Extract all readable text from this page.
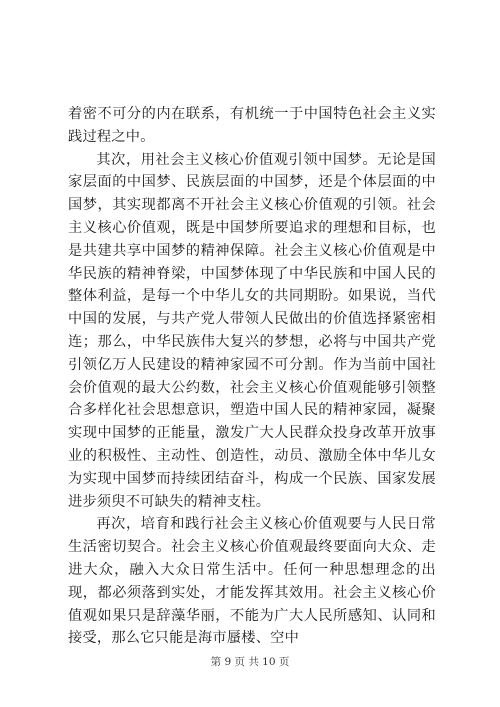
着密不可分的内在联系，有机统一于中国特色社会主义实践过程之中。

其次，用社会主义核心价值观引领中国梦。无论是国家层面的中国梦、民族层面的中国梦，还是个体层面的中国梦，其实现都离不开社会主义核心价值观的引领。社会主义核心价值观，既是中国梦所要追求的理想和目标，也是共建共享中国梦的精神保障。社会主义核心价值观是中华民族的精神脊梁，中国梦体现了中华民族和中国人民的整体利益，是每一个中华儿女的共同期盼。如果说，当代中国的发展，与共产党人带领人民做出的价值选择紧密相连；那么，中华民族伟大复兴的梦想，必将与中国共产党引领亿万人民建设的精神家园不可分割。作为当前中国社会价值观的最大公约数，社会主义核心价值观能够引领整合多样化社会思想意识，塑造中国人民的精神家园，凝聚实现中国梦的正能量，激发广大人民群众投身改革开放事业的积极性、主动性、创造性，动员、激励全体中华儿女为实现中国梦而持续团结奋斗，构成一个民族、国家发展进步须臾不可缺失的精神支柱。

再次，培育和践行社会主义核心价值观要与人民日常生活密切契合。社会主义核心价值观最终要面向大众、走进大众，融入大众日常生活中。任何一种思想理念的出现，都必须落到实处，才能发挥其效用。社会主义核心价值观如果只是辞藻华丽，不能为广大人民所感知、认同和接受，那么它只能是海市蜃楼、空中

第 9 页 共 10 页
